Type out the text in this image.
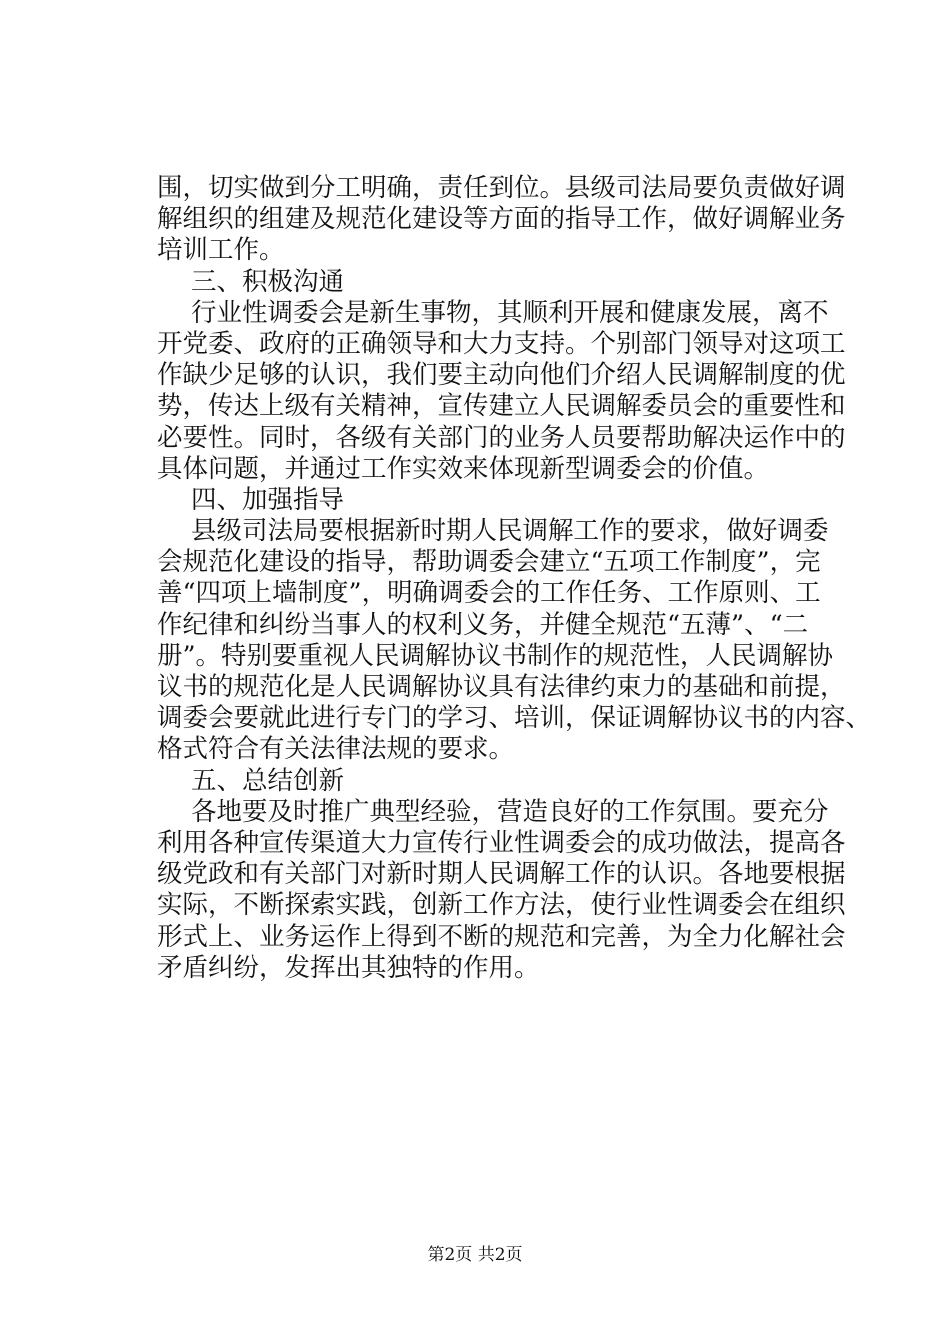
围，切实做到分工明确，责任到位。县级司法局要负责做好调
解组织的组建及规范化建设等方面的指导工作，做好调解业务
培训工作。
三、积极沟通
行业性调委会是新生事物，其顺利开展和健康发展，离不
开党委、政府的正确领导和大力支持。个别部门领导对这项工
作缺少足够的认识，我们要主动向他们介绍人民调解制度的优
势，传达上级有关精神，宣传建立人民调解委员会的重要性和
必要性。同时，各级有关部门的业务人员要帮助解决运作中的
具体问题，并通过工作实效来体现新型调委会的价值。
四、加强指导
县级司法局要根据新时期人民调解工作的要求，做好调委
会规范化建设的指导，帮助调委会建立“五项工作制度”，完
善“四项上墙制度”，明确调委会的工作任务、工作原则、工
作纪律和纠纷当事人的权利义务，并健全规范“五薄”、“二
册”。特别要重视人民调解协议书制作的规范性，人民调解协
议书的规范化是人民调解协议具有法律约束力的基础和前提，
调委会要就此进行专门的学习、培训，保证调解协议书的内容、
格式符合有关法律法规的要求。
五、总结创新
各地要及时推广典型经验，营造良好的工作氛围。要充分
利用各种宣传渠道大力宣传行业性调委会的成功做法，提高各
级党政和有关部门对新时期人民调解工作的认识。各地要根据
实际，不断探索实践，创新工作方法，使行业性调委会在组织
形式上、业务运作上得到不断的规范和完善，为全力化解社会
矛盾纠纷，发挥出其独特的作用。
第2页 共2页
